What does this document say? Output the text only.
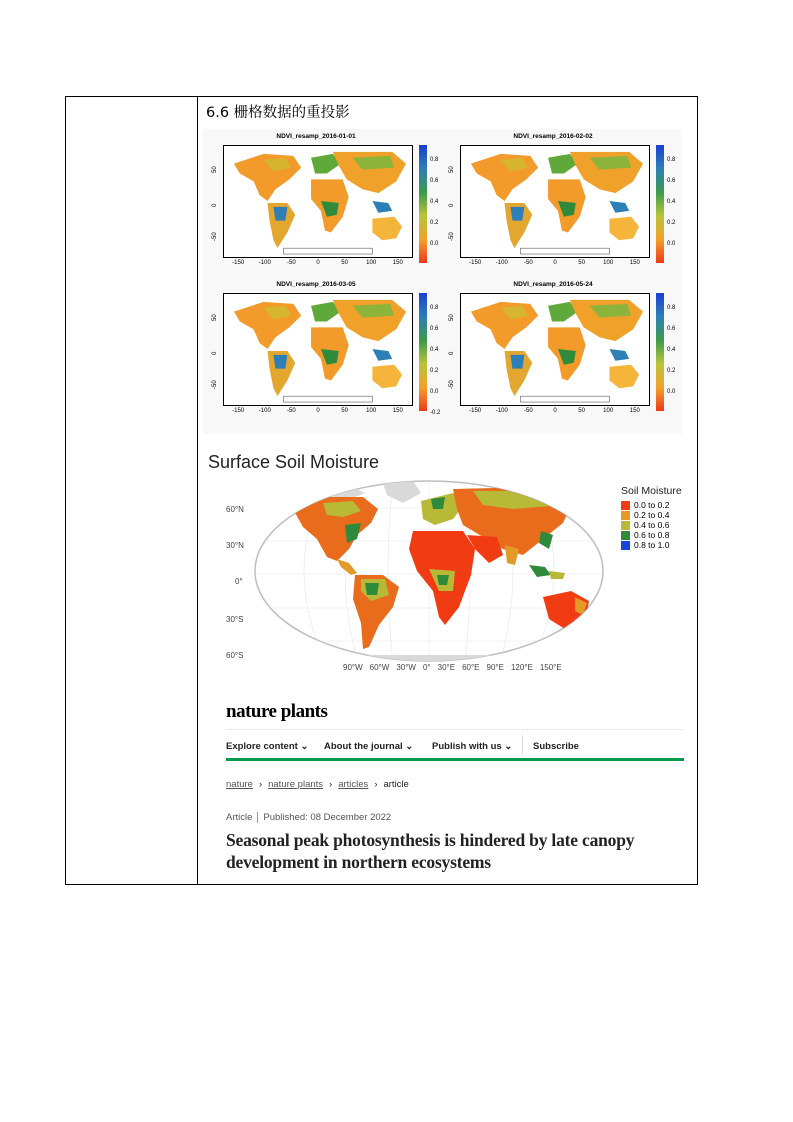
6.6 栅格数据的重投影
NDVI_resamp_2016-01-01
0.8
0.6
0.4
0.2
0.0
50
0
-50
-150 -100	-50	0	50	100	150
NDVI_resamp_2016-02-02
0.8
0.6
0.4
0.2
0.0
50
0
-50
-150 -100	-50	0	50	100	150
NDVI_resamp_2016-03-05
0.8
0.6
0.4
0.2
0.0
-0.2
50
0
-50
-150 -100	-50	0	50	100	150
NDVI_resamp_2016-05-24
0.8
0.6
0.4
0.2
0.0
50
0
-50
-150 -100	-50	0	50	100	150
Surface Soil Moisture
60°N
30°N
0°
30°S
60°S
90°W 60°W 30°W 0° 30°E 60°E 90°E 120°E 150°E
Soil Moisture
0.0 to 0.2
0.2 to 0.4
0.4 to 0.6
0.6 to 0.8
0.8 to 1.0
nature plants
Explore content ⌄ About the journal ⌄ Publish with us ⌄ Subscribe
nature › nature plants › articles › article
Article Published: 08 December 2022
Seasonal peak photosynthesis is hindered by late canopy development in northern ecosystems
